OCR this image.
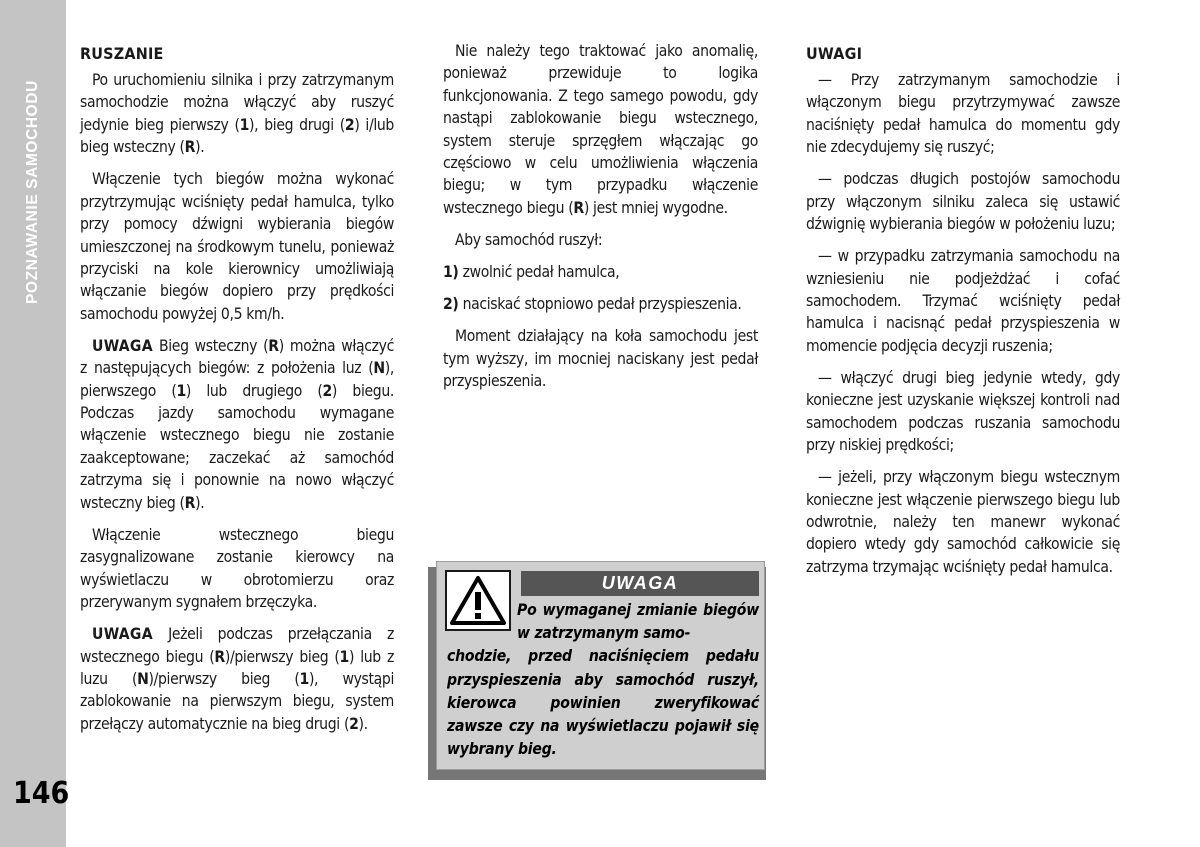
POZNAWANIE SAMOCHODU
146
RUSZANIE

Po uruchomieniu silnika i przy zatrzymanym samochodzie można włączyć aby ruszyć jedynie bieg pierwszy (1), bieg drugi (2) i/lub bieg wsteczny (R).

Włączenie tych biegów można wykonać przytrzymując wciśnięty pedał hamulca, tylko przy pomocy dźwigni wybierania biegów umieszczonej na środkowym tunelu, ponieważ przyciski na kole kierownicy umożliwiają włączanie biegów dopiero przy prędkości samochodu powyżej 0,5 km/h.

UWAGA Bieg wsteczny (R) można włączyć z następujących biegów: z położenia luz (N), pierwszego (1) lub drugiego (2) biegu. Podczas jazdy samochodu wymagane włączenie wstecznego biegu nie zostanie zaakceptowane; zaczekać aż samochód zatrzyma się i ponownie na nowo włączyć wsteczny bieg (R).

Włączenie wstecznego biegu zasygnalizowane zostanie kierowcy na wyświetlaczu w obrotomierzu oraz przerywanym sygnałem brzęczyka.

UWAGA Jeżeli podczas przełączania z wstecznego biegu (R)/pierwszy bieg (1) lub z luzu (N)/pierwszy bieg (1), wystąpi zablokowanie na pierwszym biegu, system przełączy automatycznie na bieg drugi (2).

Nie należy tego traktować jako anomalię, ponieważ przewiduje to logika funkcjonowania. Z tego samego powodu, gdy nastąpi zablokowanie biegu wstecznego, system steruje sprzęgłem włączając go częściowo w celu umożliwienia włączenia biegu; w tym przypadku włączenie wstecznego biegu (R) jest mniej wygodne.

Aby samochód ruszył:

1) zwolnić pedał hamulca,

2) naciskać stopniowo pedał przyspieszenia.

Moment działający na koła samochodu jest tym wyższy, im mocniej naciskany jest pedał przyspieszenia.

UWAGA
Po wymaganej zmianie biegów w zatrzymanym samo-
chodzie, przed naciśnięciem pedału przyspieszenia aby samochód ruszył, kierowca powinien zweryfikować zawsze czy na wyświetlaczu pojawił się wybrany bieg.
UWAGI

— Przy zatrzymanym samochodzie i włączonym biegu przytrzymywać zawsze naciśnięty pedał hamulca do momentu gdy nie zdecydujemy się ruszyć;

— podczas długich postojów samochodu przy włączonym silniku zaleca się ustawić dźwignię wybierania biegów w położeniu luzu;

— w przypadku zatrzymania samochodu na wzniesieniu nie podjeżdżać i cofać samochodem. Trzymać wciśnięty pedał hamulca i nacisnąć pedał przyspieszenia w momencie podjęcia decyzji ruszenia;

— włączyć drugi bieg jedynie wtedy, gdy konieczne jest uzyskanie większej kontroli nad samochodem podczas ruszania samochodu przy niskiej prędkości;

— jeżeli, przy włączonym biegu wstecznym konieczne jest włączenie pierwszego biegu lub odwrotnie, należy ten manewr wykonać dopiero wtedy gdy samochód całkowicie się zatrzyma trzymając wciśnięty pedał hamulca.
